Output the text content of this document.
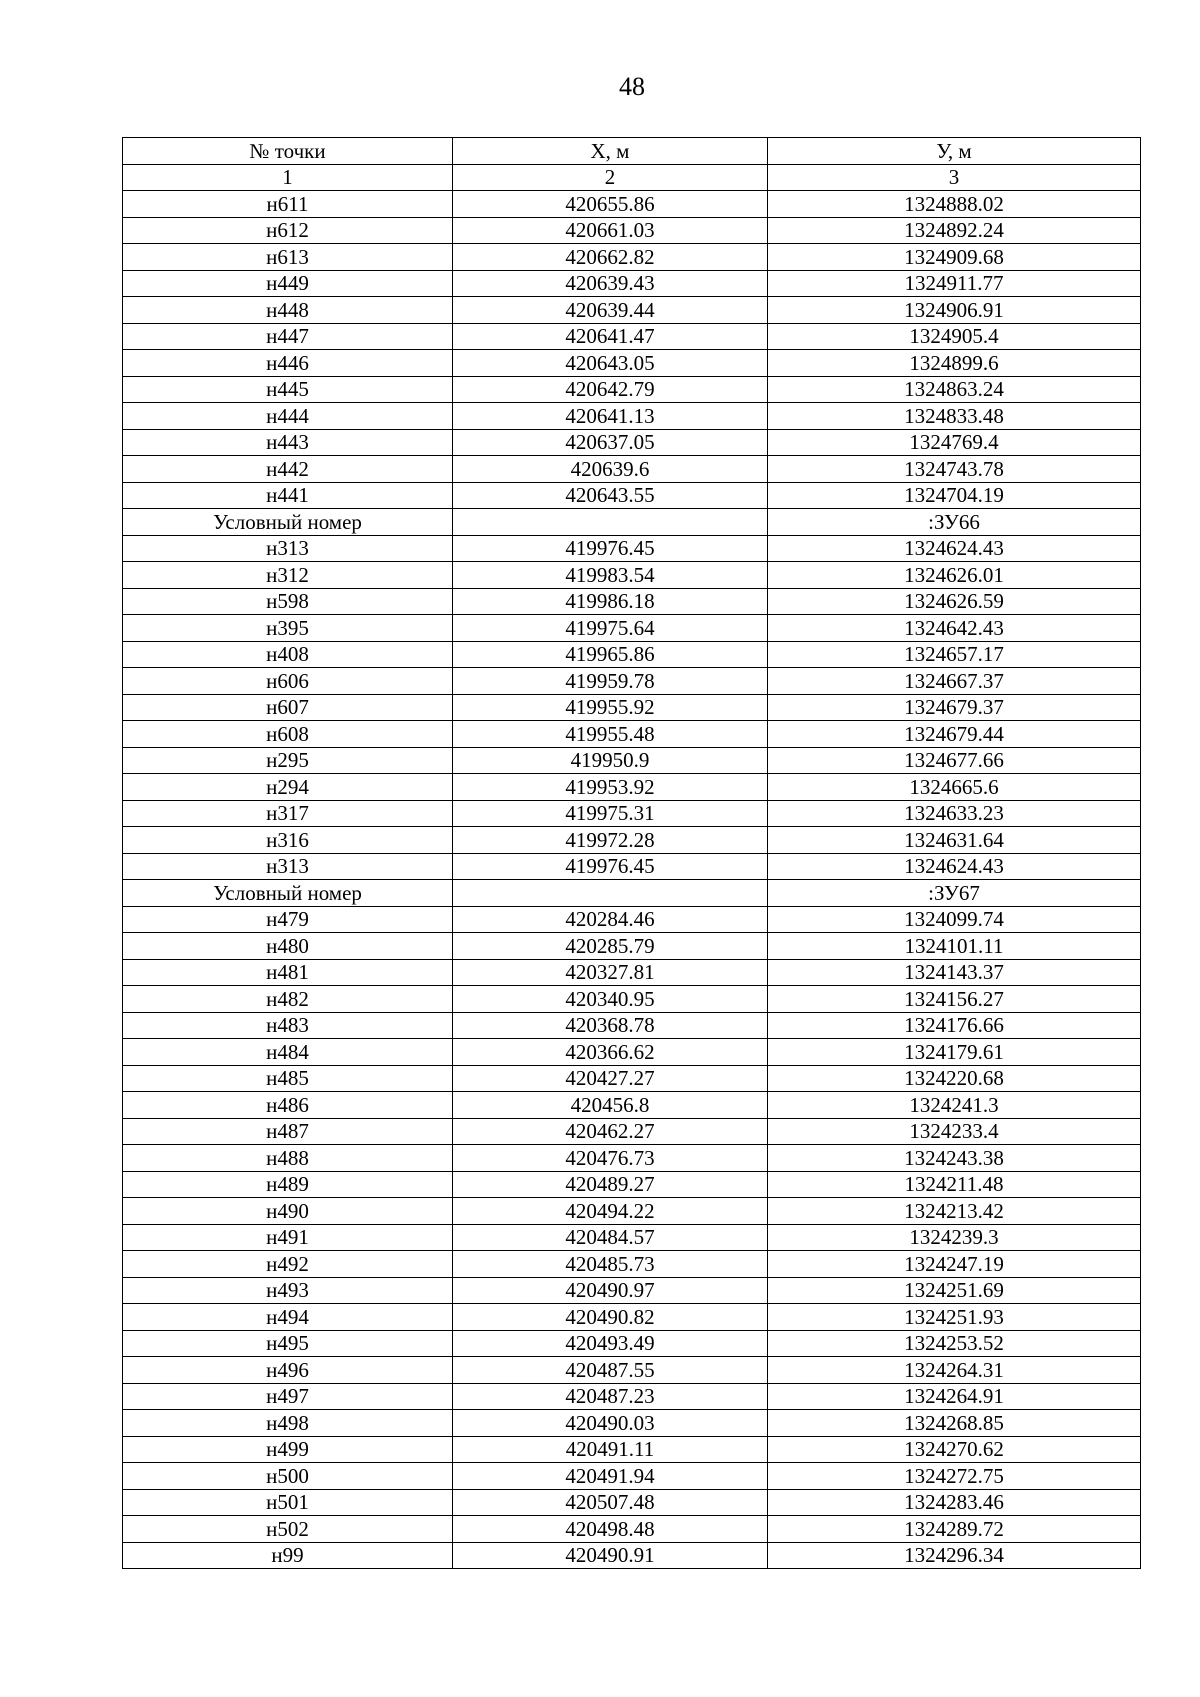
48
№ точки	Х, м	У, м
1	2	3
н611	420655.86	1324888.02
н612	420661.03	1324892.24
н613	420662.82	1324909.68
н449	420639.43	1324911.77
н448	420639.44	1324906.91
н447	420641.47	1324905.4
н446	420643.05	1324899.6
н445	420642.79	1324863.24
н444	420641.13	1324833.48
н443	420637.05	1324769.4
н442	420639.6	1324743.78
н441	420643.55	1324704.19
Условный номер		:ЗУ66
н313	419976.45	1324624.43
н312	419983.54	1324626.01
н598	419986.18	1324626.59
н395	419975.64	1324642.43
н408	419965.86	1324657.17
н606	419959.78	1324667.37
н607	419955.92	1324679.37
н608	419955.48	1324679.44
н295	419950.9	1324677.66
н294	419953.92	1324665.6
н317	419975.31	1324633.23
н316	419972.28	1324631.64
н313	419976.45	1324624.43
Условный номер		:ЗУ67
н479	420284.46	1324099.74
н480	420285.79	1324101.11
н481	420327.81	1324143.37
н482	420340.95	1324156.27
н483	420368.78	1324176.66
н484	420366.62	1324179.61
н485	420427.27	1324220.68
н486	420456.8	1324241.3
н487	420462.27	1324233.4
н488	420476.73	1324243.38
н489	420489.27	1324211.48
н490	420494.22	1324213.42
н491	420484.57	1324239.3
н492	420485.73	1324247.19
н493	420490.97	1324251.69
н494	420490.82	1324251.93
н495	420493.49	1324253.52
н496	420487.55	1324264.31
н497	420487.23	1324264.91
н498	420490.03	1324268.85
н499	420491.11	1324270.62
н500	420491.94	1324272.75
н501	420507.48	1324283.46
н502	420498.48	1324289.72
н99	420490.91	1324296.34
